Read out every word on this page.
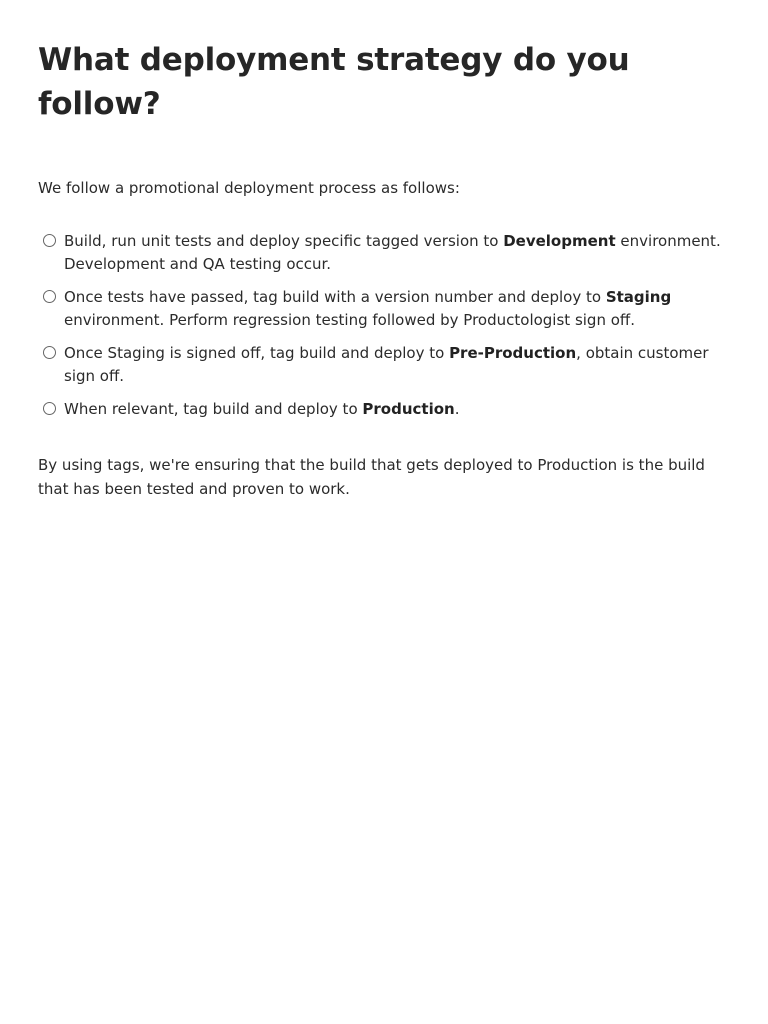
What deployment strategy do you follow?

We follow a promotional deployment process as follows:

Build, run unit tests and deploy specific tagged version to Development environment. Development and QA testing occur.
Once tests have passed, tag build with a version number and deploy to Staging environment. Perform regression testing followed by Productologist sign off.
Once Staging is signed off, tag build and deploy to Pre-Production, obtain customer sign off.
When relevant, tag build and deploy to Production.

By using tags, we're ensuring that the build that gets deployed to Production is the build that has been tested and proven to work.
